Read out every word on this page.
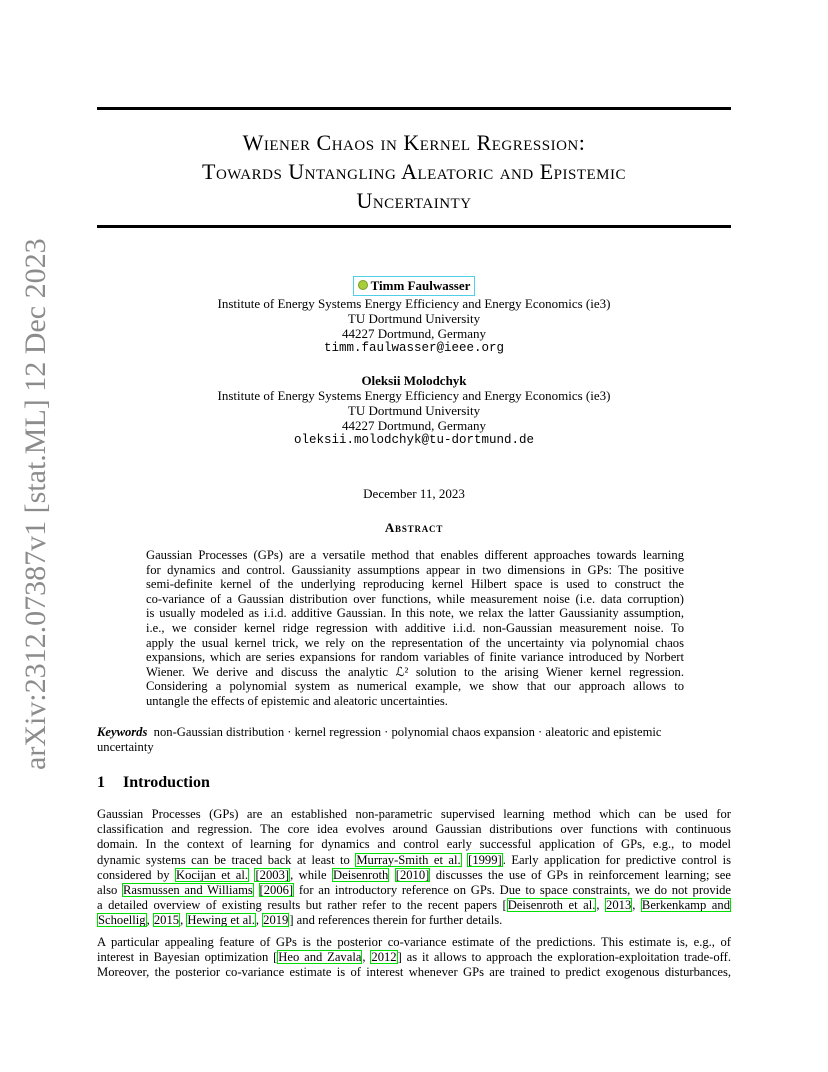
arXiv:2312.07387v1 [stat.ML] 12 Dec 2023
Wiener Chaos in Kernel Regression:
Towards Untangling Aleatoric and Epistemic
Uncertainty
Timm Faulwasser
Institute of Energy Systems Energy Efficiency and Energy Economics (ie3)
TU Dortmund University
44227 Dortmund, Germany
timm.faulwasser@ieee.org
Oleksii Molodchyk
Institute of Energy Systems Energy Efficiency and Energy Economics (ie3)
TU Dortmund University
44227 Dortmund, Germany
oleksii.molodchyk@tu-dortmund.de
December 11, 2023
Abstract
Gaussian Processes (GPs) are a versatile method that enables different approaches towards learning
for dynamics and control. Gaussianity assumptions appear in two dimensions in GPs: The positive
semi-definite kernel of the underlying reproducing kernel Hilbert space is used to construct the
co-variance of a Gaussian distribution over functions, while measurement noise (i.e. data corruption)
is usually modeled as i.i.d. additive Gaussian. In this note, we relax the latter Gaussianity assumption,
i.e., we consider kernel ridge regression with additive i.i.d. non-Gaussian measurement noise. To
apply the usual kernel trick, we rely on the representation of the uncertainty via polynomial chaos
expansions, which are series expansions for random variables of finite variance introduced by Norbert
Wiener. We derive and discuss the analytic ℒ² solution to the arising Wiener kernel regression.
Considering a polynomial system as numerical example, we show that our approach allows to
untangle the effects of epistemic and aleatoric uncertainties.
Keywords non-Gaussian distribution · kernel regression · polynomial chaos expansion · aleatoric and epistemic
uncertainty
1 Introduction
Gaussian Processes (GPs) are an established non-parametric supervised learning method which can be used for
classification and regression. The core idea evolves around Gaussian distributions over functions with continuous
domain. In the context of learning for dynamics and control early successful application of GPs, e.g., to model
dynamic systems can be traced back at least to Murray-Smith et al. [1999]. Early application for predictive control is
considered by Kocijan et al. [2003], while Deisenroth [2010] discusses the use of GPs in reinforcement learning; see
also Rasmussen and Williams [2006] for an introductory reference on GPs. Due to space constraints, we do not provide
a detailed overview of existing results but rather refer to the recent papers [Deisenroth et al., 2013, Berkenkamp and
Schoellig, 2015, Hewing et al., 2019] and references therein for further details.
A particular appealing feature of GPs is the posterior co-variance estimate of the predictions. This estimate is, e.g., of
interest in Bayesian optimization [Heo and Zavala, 2012] as it allows to approach the exploration-exploitation trade-off.
Moreover, the posterior co-variance estimate is of interest whenever GPs are trained to predict exogenous disturbances,
